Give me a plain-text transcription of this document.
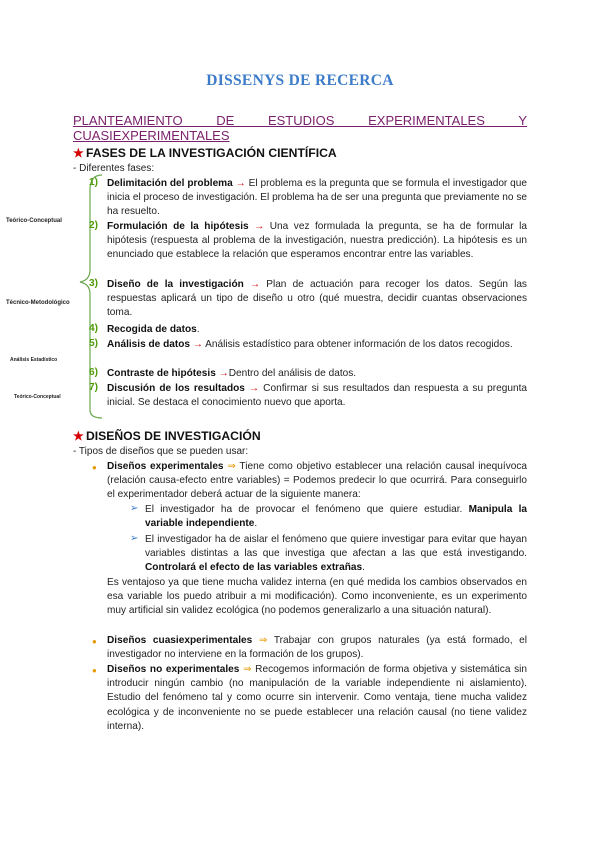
DISSENYS DE RECERCA
PLANTEAMIENTO DE ESTUDIOS EXPERIMENTALES Y
CUASIEXPERIMENTALES
★ FASES DE LA INVESTIGACIÓN CIENTÍFICA
- Diferentes fases:
Teórico-Conceptual
Técnico-Metodológico
Análisis Estadístico
Teórico-Conceptual
1) Delimitación del problema → El problema es la pregunta que se formula el investigador que inicia el proceso de investigación. El problema ha de ser una pregunta que previamente no se ha resuelto.
2) Formulación de la hipótesis → Una vez formulada la pregunta, se ha de formular la hipótesis (respuesta al problema de la investigación, nuestra predicción). La hipótesis es un enunciado que establece la relación que esperamos encontrar entre las variables.
3) Diseño de la investigación → Plan de actuación para recoger los datos. Según las respuestas aplicará un tipo de diseño u otro (qué muestra, decidir cuantas observaciones toma.
4) Recogida de datos.
5) Análisis de datos → Análisis estadístico para obtener información de los datos recogidos.
6) Contraste de hipótesis →Dentro del análisis de datos.
7) Discusión de los resultados → Confirmar si sus resultados dan respuesta a su pregunta inicial. Se destaca el conocimiento nuevo que aporta.
★ DISEÑOS DE INVESTIGACIÓN
- Tipos de diseños que se pueden usar:
● Diseños experimentales ⇒ Tiene como objetivo establecer una relación causal inequívoca (relación causa-efecto entre variables) = Podemos predecir lo que ocurrirá. Para conseguirlo el experimentador deberá actuar de la siguiente manera:
➢ El investigador ha de provocar el fenómeno que quiere estudiar. Manipula la variable independiente.
➢ El investigador ha de aislar el fenómeno que quiere investigar para evitar que hayan variables distintas a las que investiga que afectan a las que está investigando. Controlará el efecto de las variables extrañas.
Es ventajoso ya que tiene mucha validez interna (en qué medida los cambios observados en esa variable los puedo atribuir a mi modificación). Como inconveniente, es un experimento muy artificial sin validez ecológica (no podemos generalizarlo a una situación natural).
● Diseños cuasiexperimentales ⇒ Trabajar con grupos naturales (ya está formado, el investigador no interviene en la formación de los grupos).
● Diseños no experimentales ⇒ Recogemos información de forma objetiva y sistemática sin introducir ningún cambio (no manipulación de la variable independiente ni aislamiento). Estudio del fenómeno tal y como ocurre sin intervenir. Como ventaja, tiene mucha validez ecológica y de inconveniente no se puede establecer una relación causal (no tiene validez interna).
